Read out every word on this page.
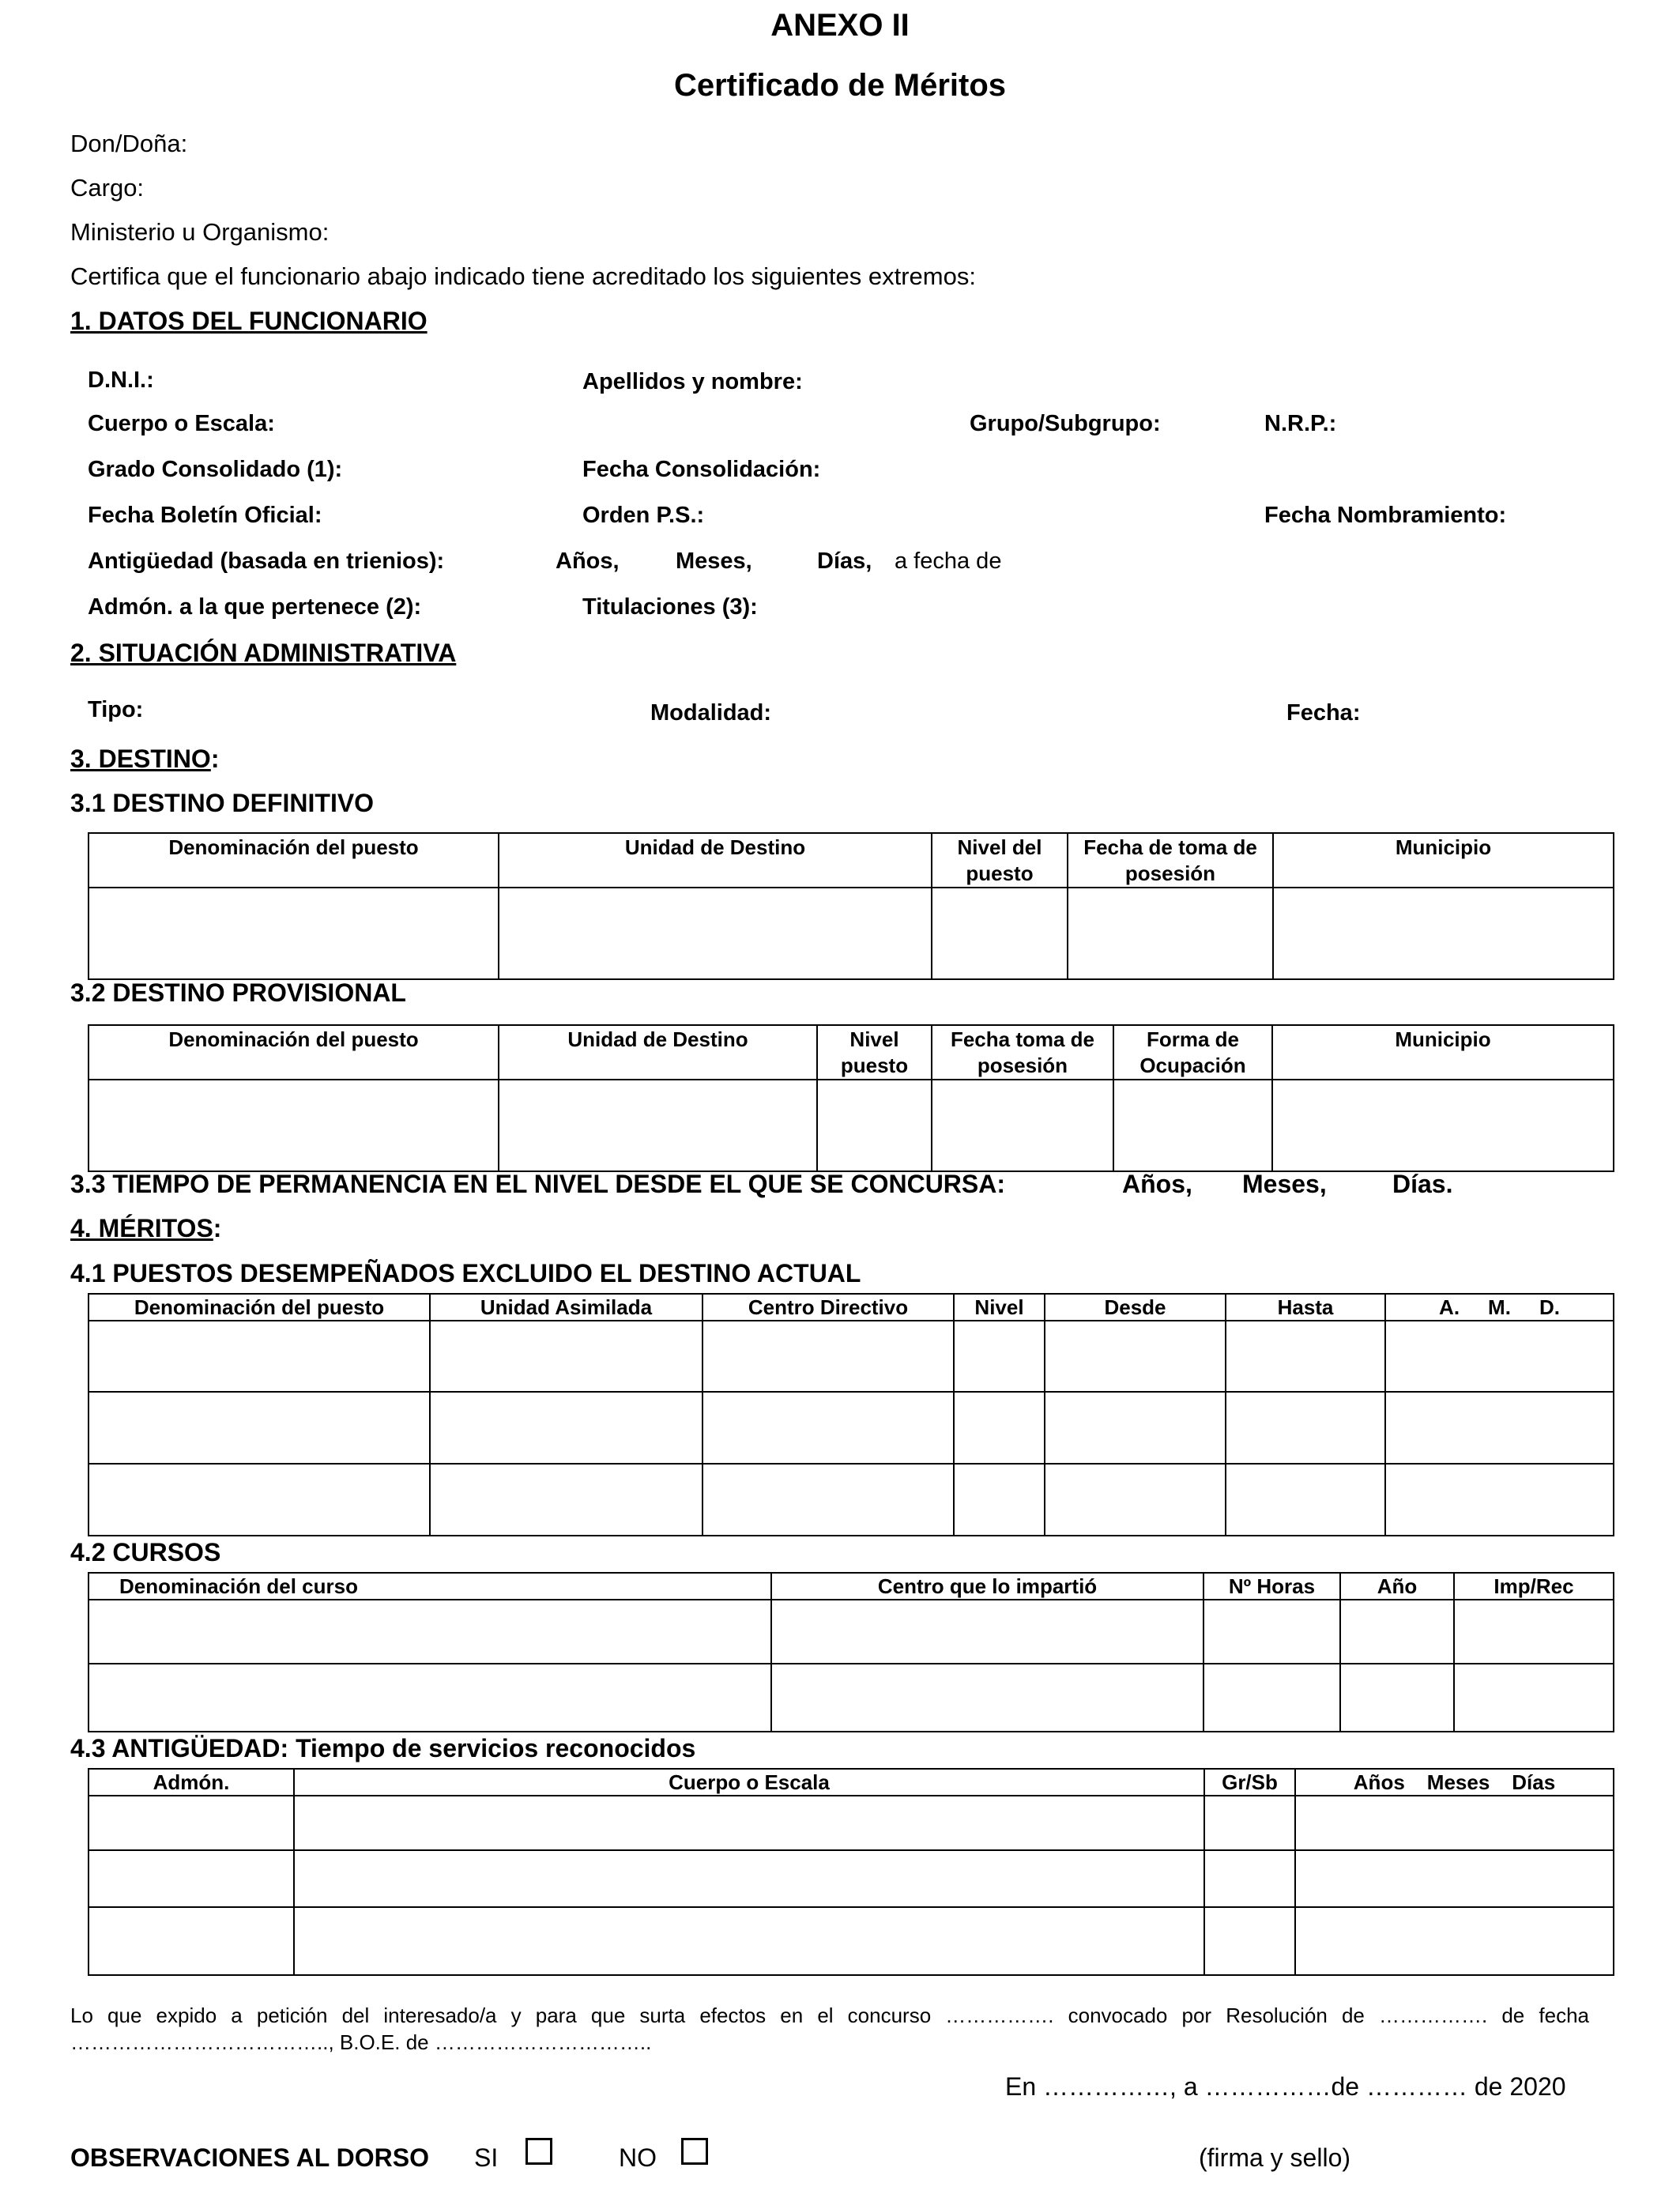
ANEXO II
Certificado de Méritos
Don/Doña:
Cargo:
Ministerio u Organismo:
Certifica que el funcionario abajo indicado tiene acreditado los siguientes extremos:
1. DATOS DEL FUNCIONARIO
D.N.I.:	Apellidos y nombre:
Cuerpo o Escala:	Grupo/Subgrupo:	N.R.P.:
Grado Consolidado (1):	Fecha Consolidación:
Fecha Boletín Oficial:	Orden P.S.:	Fecha Nombramiento:
Antigüedad (basada en trienios):	Años, Meses,	Días, a fecha de
Admón. a la que pertenece (2):	Titulaciones (3):
2. SITUACIÓN ADMINISTRATIVA
Tipo:	Modalidad:	Fecha:
3. DESTINO:
3.1 DESTINO DEFINITIVO
Denominación del puesto	Unidad de Destino	Nivel del puesto	Fecha de toma de posesión	Municipio

3.2 DESTINO PROVISIONAL
Denominación del puesto	Unidad de Destino	Nivel puesto	Fecha toma de posesión	Forma de Ocupación	Municipio

3.3 TIEMPO DE PERMANENCIA EN EL NIVEL DESDE EL QUE SE CONCURSA:	Años, Meses,	Días.
4. MÉRITOS:
4.1 PUESTOS DESEMPEÑADOS EXCLUIDO EL DESTINO ACTUAL
Denominación del puesto	Unidad Asimilada	Centro Directivo	Nivel	Desde	Hasta	A. M. D.

4.2 CURSOS
Denominación del curso	Centro que lo impartió	Nº Horas	Año	Imp/Rec

4.3 ANTIGÜEDAD: Tiempo de servicios reconocidos
Admón.	Cuerpo o Escala	Gr/Sb	Años Meses Días

Lo que expido a petición del interesado/a y para que surta efectos en el concurso ……………. convocado por Resolución de ……………. de fecha
……………………………….., B.O.E. de …………………………..
En ……………, a ……………de ………… de 2020
OBSERVACIONES AL DORSO SI	NO	(firma y sello)
